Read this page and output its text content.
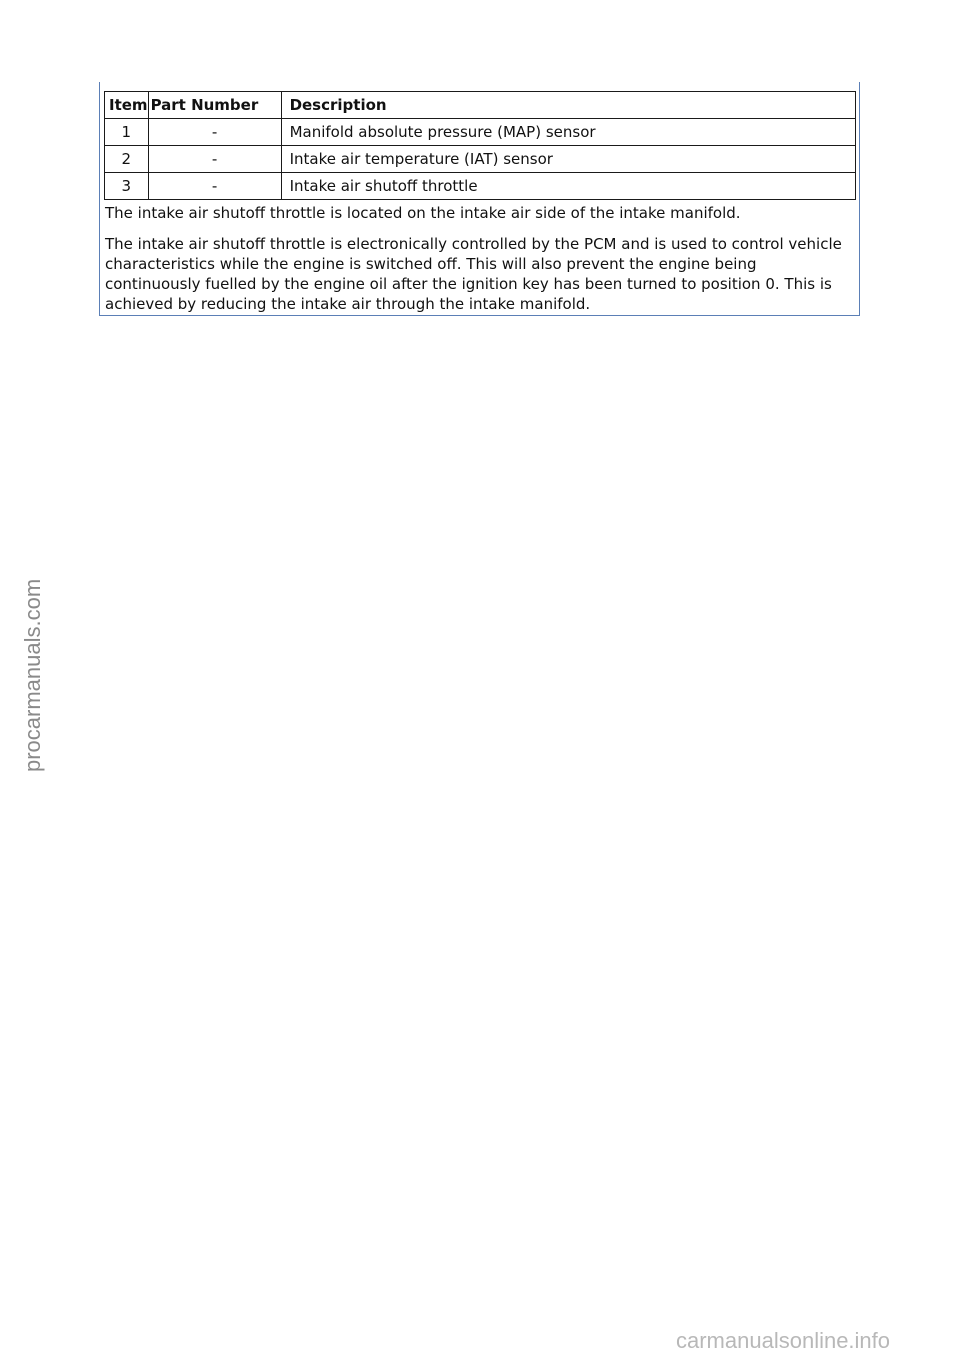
Item	Part Number	Description
1	-	Manifold absolute pressure (MAP) sensor
2	-	Intake air temperature (IAT) sensor
3	-	Intake air shutoff throttle

The intake air shutoff throttle is located on the intake air side of the intake manifold.

The intake air shutoff throttle is electronically controlled by the PCM and is used to control vehicle characteristics while the engine is switched off. This will also prevent the engine being continuously fuelled by the engine oil after the ignition key has been turned to position 0. This is achieved by reducing the intake air through the intake manifold.

procarmanuals.com
carmanualsonline.info
